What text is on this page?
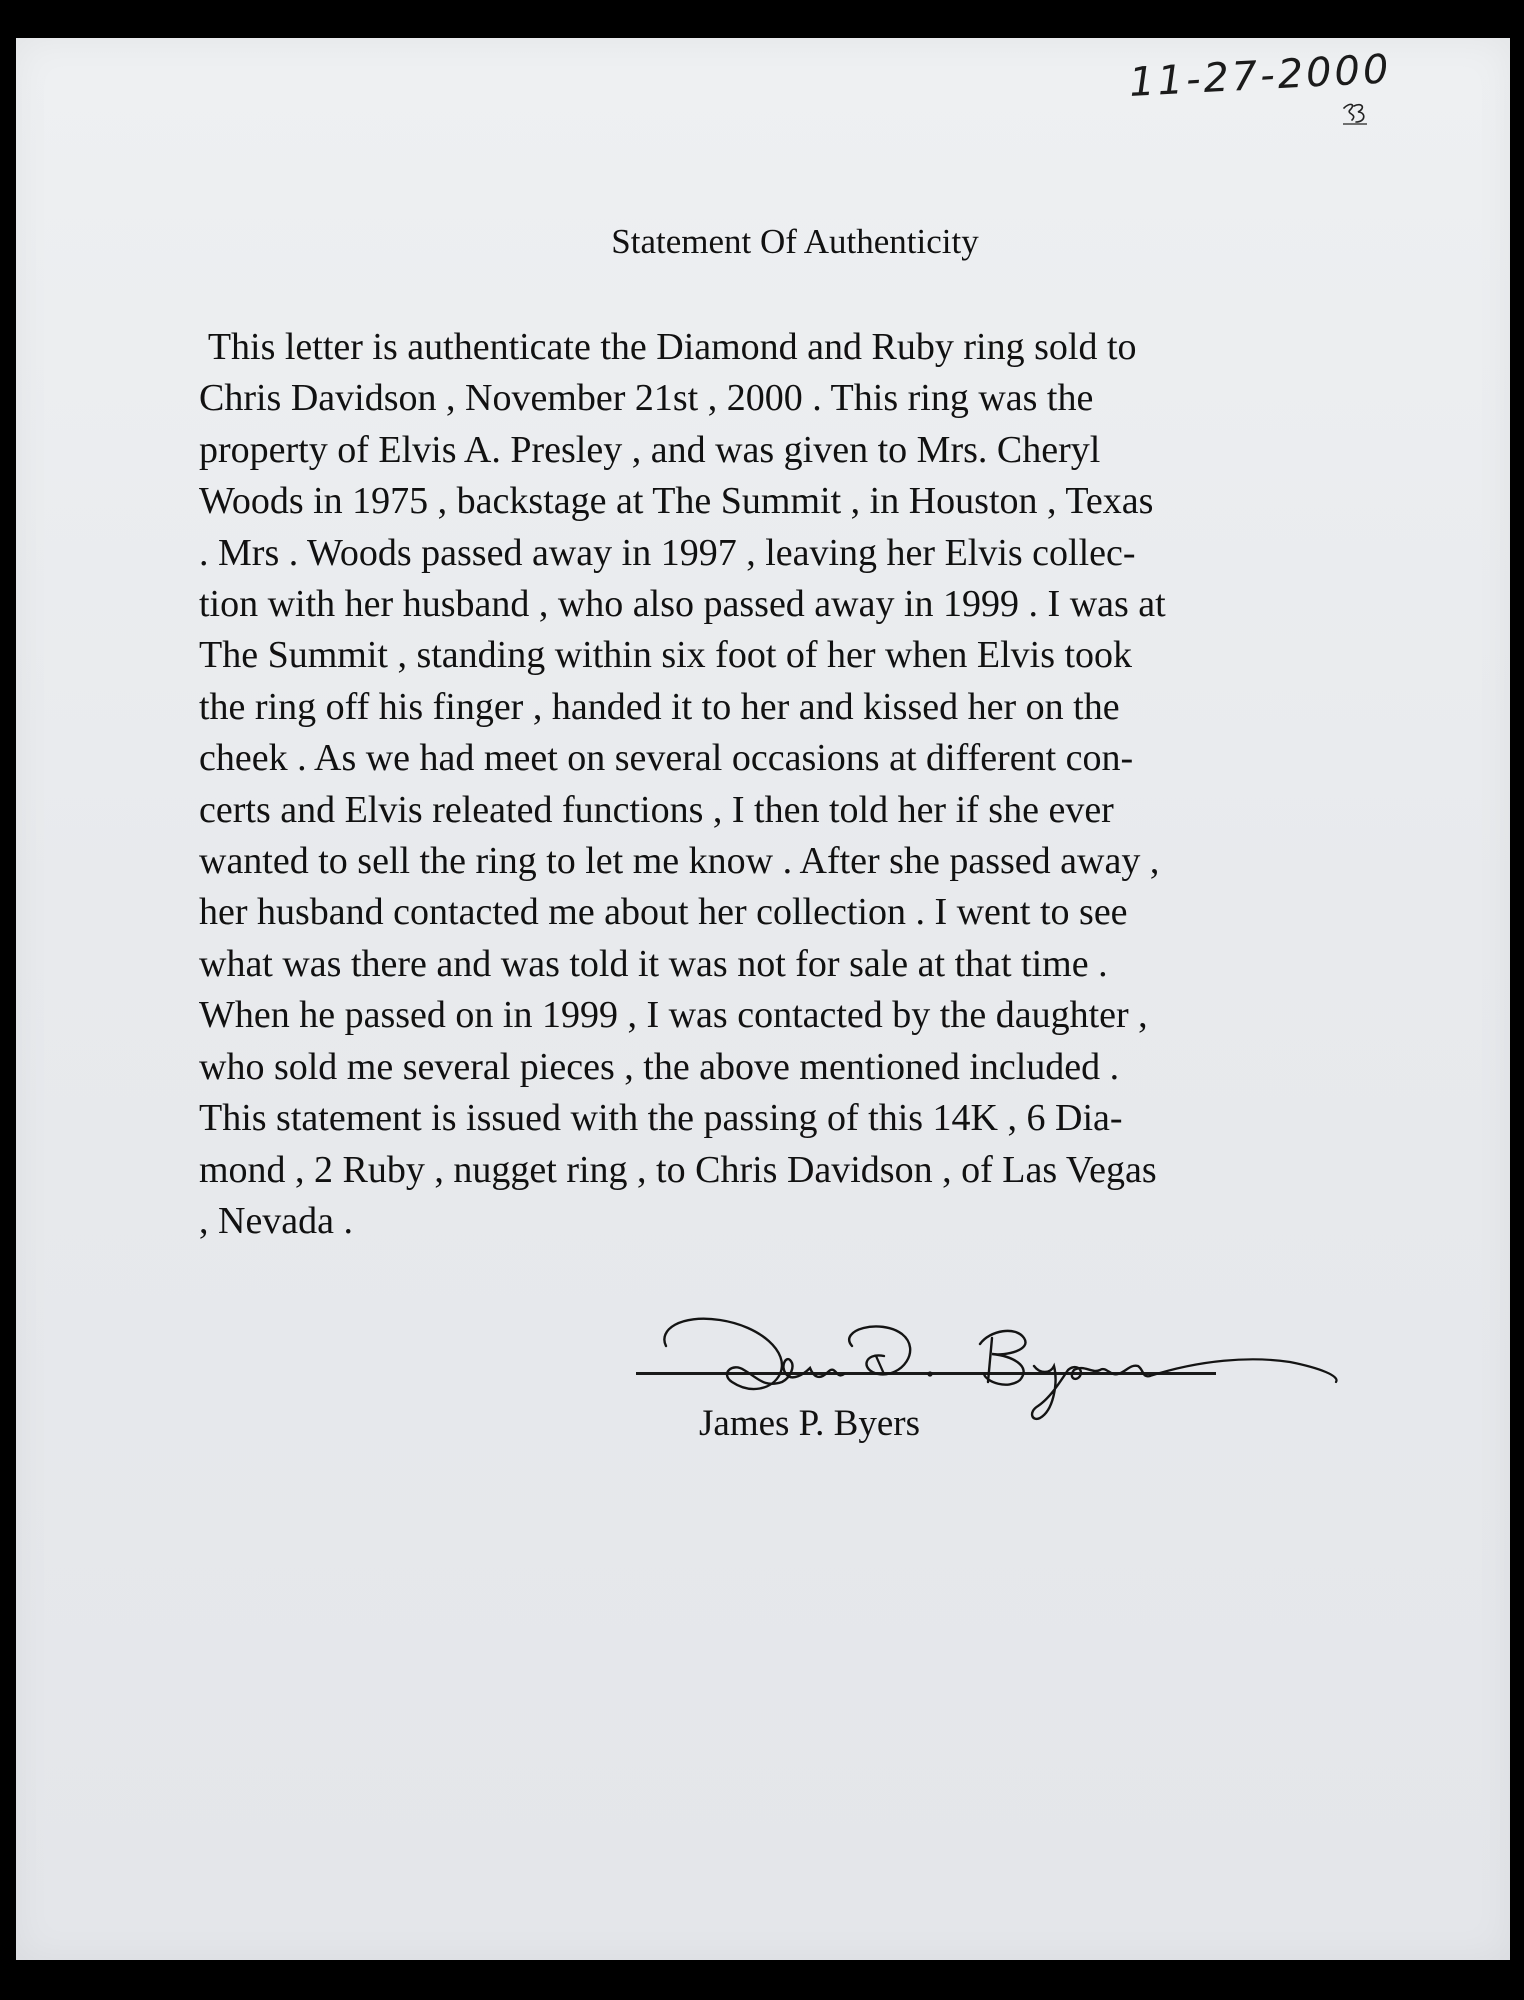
11-27-2000
Statement Of Authenticity
This letter is authenticate the Diamond and Ruby ring sold to
Chris Davidson , November 21st , 2000 . This ring was the
property of Elvis A. Presley , and was given to Mrs. Cheryl
Woods in 1975 , backstage at The Summit , in Houston , Texas
. Mrs . Woods passed away in 1997 , leaving her Elvis collec-
tion with her husband , who also passed away in 1999 . I was at
The Summit , standing within six foot of her when Elvis took
the ring off his finger , handed it to her and kissed her on the
cheek . As we had meet on several occasions at different con-
certs and Elvis releated functions , I then told her if she ever
wanted to sell the ring to let me know . After she passed away ,
her husband contacted me about her collection . I went to see
what was there and was told it was not for sale at that time .
When he passed on in 1999 , I was contacted by the daughter ,
who sold me several pieces , the above mentioned included .
This statement is issued with the passing of this 14K , 6 Dia-
mond , 2 Ruby , nugget ring , to Chris Davidson , of Las Vegas
, Nevada .
James P. Byers
